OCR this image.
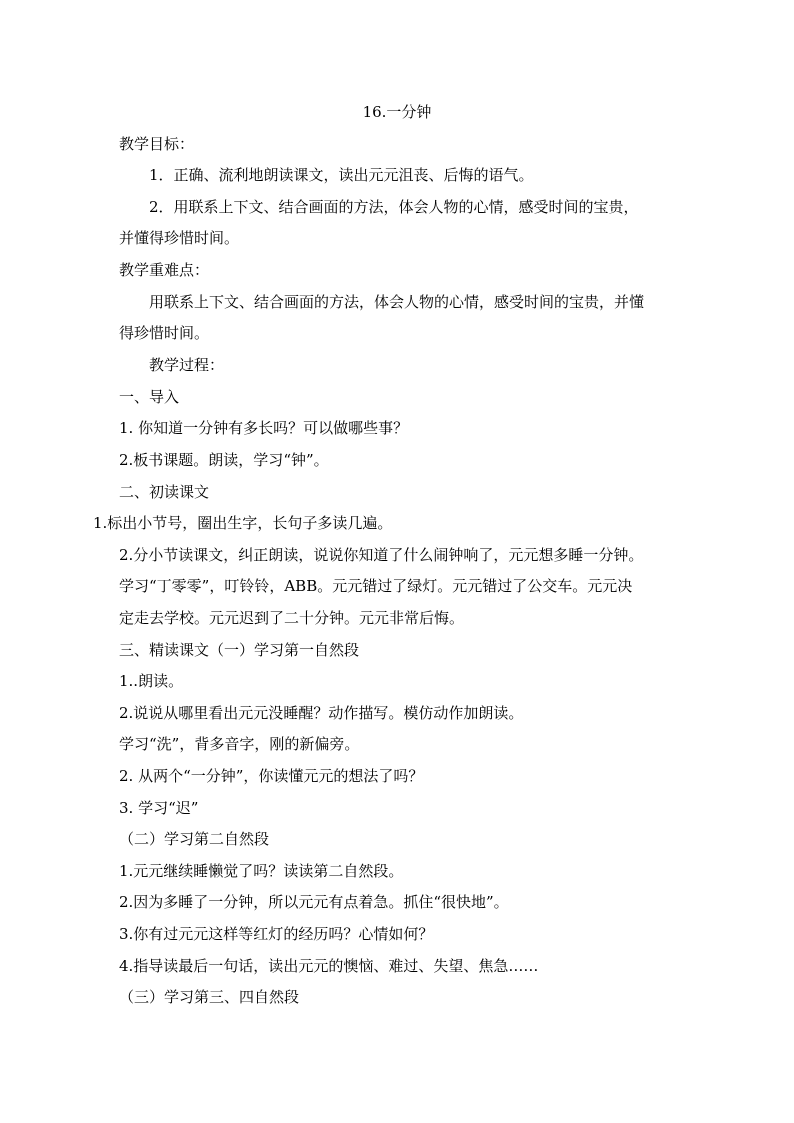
16.一分钟
教学目标：
1．正确、流利地朗读课文，读出元元沮丧、后悔的语气。
2．用联系上下文、结合画面的方法，体会人物的心情，感受时间的宝贵，
并懂得珍惜时间。
教学重难点：
用联系上下文、结合画面的方法，体会人物的心情，感受时间的宝贵，并懂
得珍惜时间。
教学过程：
一、导入
1. 你知道一分钟有多长吗？可以做哪些事？
2.板书课题。朗读，学习“钟”。
二、初读课文
1.标出小节号，圈出生字，长句子多读几遍。
2.分小节读课文，纠正朗读，说说你知道了什么闹钟响了，元元想多睡一分钟。
学习“丁零零”，叮铃铃，ABB。元元错过了绿灯。元元错过了公交车。元元决
定走去学校。元元迟到了二十分钟。元元非常后悔。
三、精读课文（一）学习第一自然段
1..朗读。
2.说说从哪里看出元元没睡醒？动作描写。模仿动作加朗读。
学习“洗”，背多音字，刚的新偏旁。
2. 从两个“一分钟”，你读懂元元的想法了吗？
3. 学习“迟”
（二）学习第二自然段
1.元元继续睡懒觉了吗？读读第二自然段。
2.因为多睡了一分钟，所以元元有点着急。抓住“很快地”。
3.你有过元元这样等红灯的经历吗？心情如何？
4.指导读最后一句话，读出元元的懊恼、难过、失望、焦急……
（三）学习第三、四自然段
